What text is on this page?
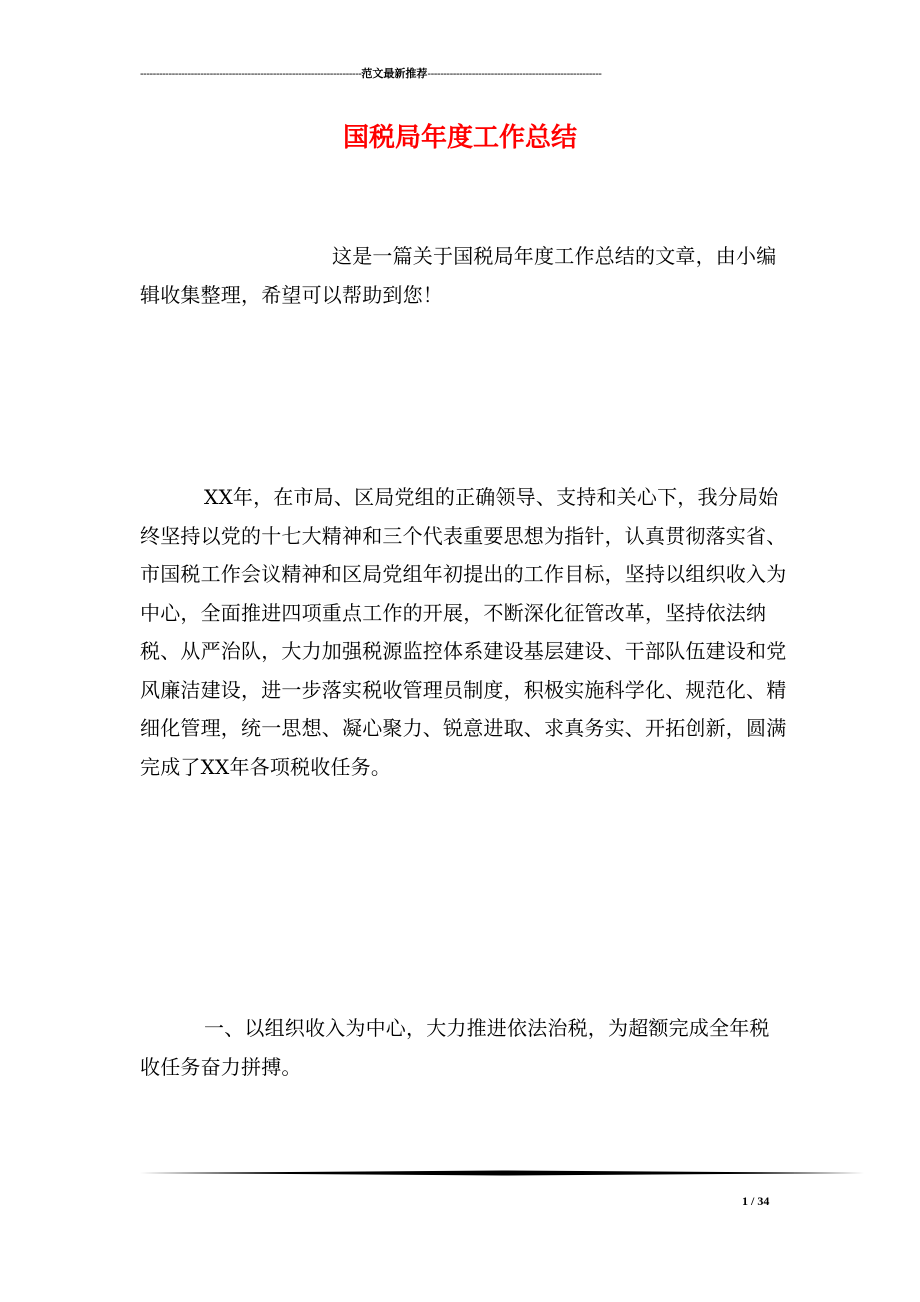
----------------------------------------------------------------------范文最新推荐-------------------------------------------------------
国税局年度工作总结

这是一篇关于国税局年度工作总结的文章，由小编辑收集整理，希望可以帮助到您！

XX年，在市局、区局党组的正确领导、支持和关心下，我分局始终坚持以党的十七大精神和三个代表重要思想为指针，认真贯彻落实省、市国税工作会议精神和区局党组年初提出的工作目标，坚持以组织收入为中心，全面推进四项重点工作的开展，不断深化征管改革，坚持依法纳税、从严治队，大力加强税源监控体系建设基层建设、干部队伍建设和党风廉洁建设，进一步落实税收管理员制度，积极实施科学化、规范化、精细化管理，统一思想、凝心聚力、锐意进取、求真务实、开拓创新，圆满完成了XX年各项税收任务。

一、以组织收入为中心，大力推进依法治税，为超额完成全年税收任务奋力拼搏。

1 / 34
